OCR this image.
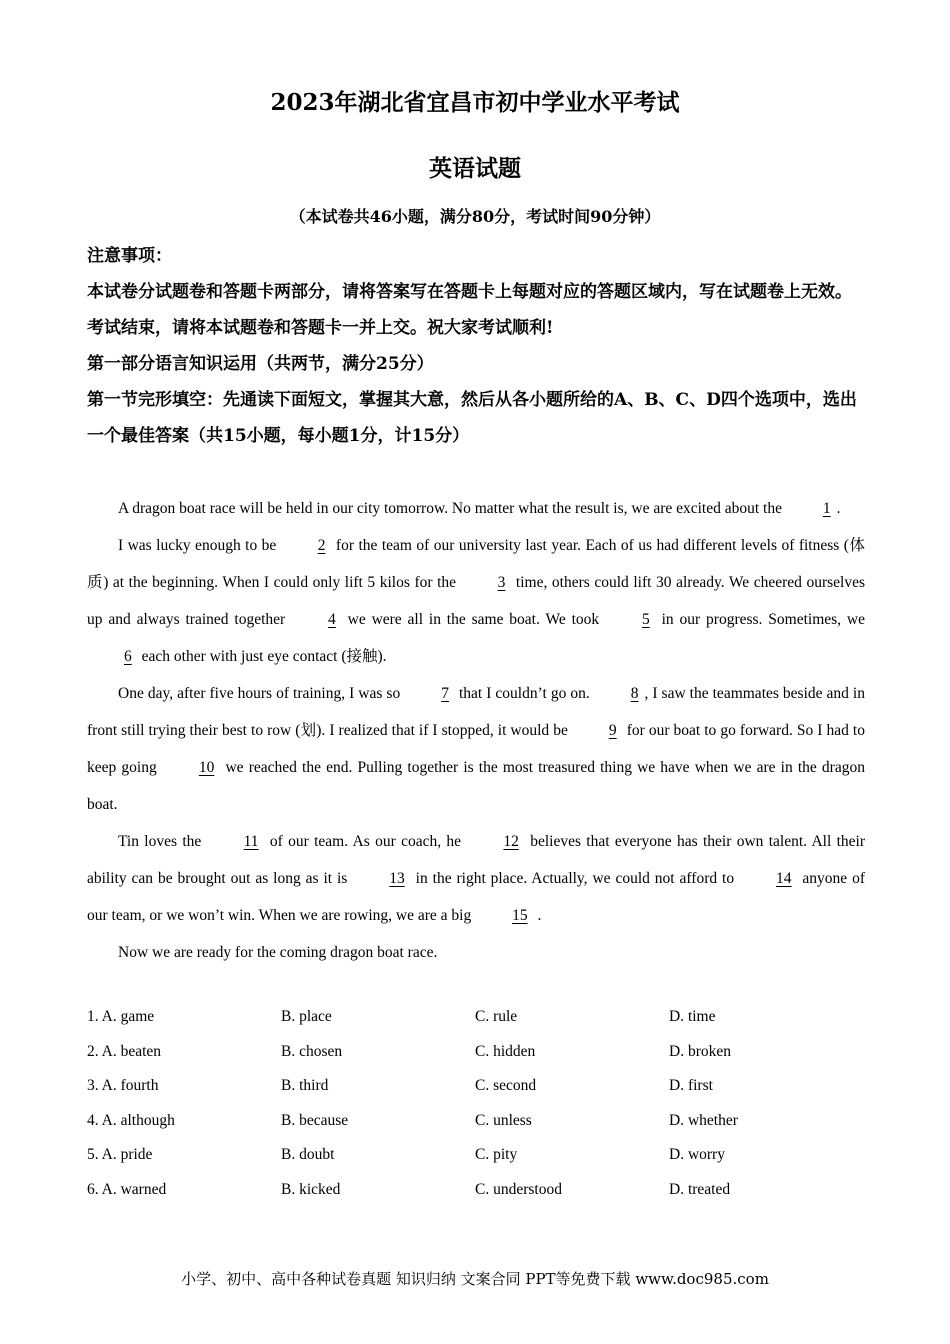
2023年湖北省宜昌市初中学业水平考试
英语试题
（本试卷共46小题，满分80分，考试时间90分钟）
注意事项：
本试卷分试题卷和答题卡两部分，请将答案写在答题卡上每题对应的答题区域内，写在试题卷上无效。
考试结束，请将本试题卷和答题卡一并上交。祝大家考试顺利!
第一部分语言知识运用（共两节，满分25分）
第一节完形填空：先通读下面短文，掌握其大意，然后从各小题所给的A、B、C、D四个选项中，选出一个最佳答案（共15小题，每小题1分，计15分）

A dragon boat race will be held in our city tomorrow. No matter what the result is, we are excited about the 1 .

I was lucky enough to be 2 for the team of our university last year. Each of us had different levels of fitness (体质) at the beginning. When I could only lift 5 kilos for the 3 time, others could lift 30 already. We cheered ourselves up and always trained together 4 we were all in the same boat. We took 5 in our progress. Sometimes, we 6 each other with just eye contact (接触).

One day, after five hours of training, I was so 7 that I couldn’t go on. 8 , I saw the teammates beside and in front still trying their best to row (划). I realized that if I stopped, it would be 9 for our boat to go forward. So I had to keep going 10 we reached the end. Pulling together is the most treasured thing we have when we are in the dragon boat.

Tin loves the 11 of our team. As our coach, he 12 believes that everyone has their own talent. All their ability can be brought out as long as it is 13 in the right place. Actually, we could not afford to 14 anyone of our team, or we won’t win. When we are rowing, we are a big 15 .

Now we are ready for the coming dragon boat race.

1. A. game	B. place	C. rule	D. time
2. A. beaten	B. chosen	C. hidden	D. broken
3. A. fourth	B. third	C. second	D. first
4. A. although	B. because	C. unless	D. whether
5. A. pride	B. doubt	C. pity	D. worry
6. A. warned	B. kicked	C. understood	D. treated
小学、初中、高中各种试卷真题 知识归纳 文案合同 PPT等免费下载 www.doc985.com
